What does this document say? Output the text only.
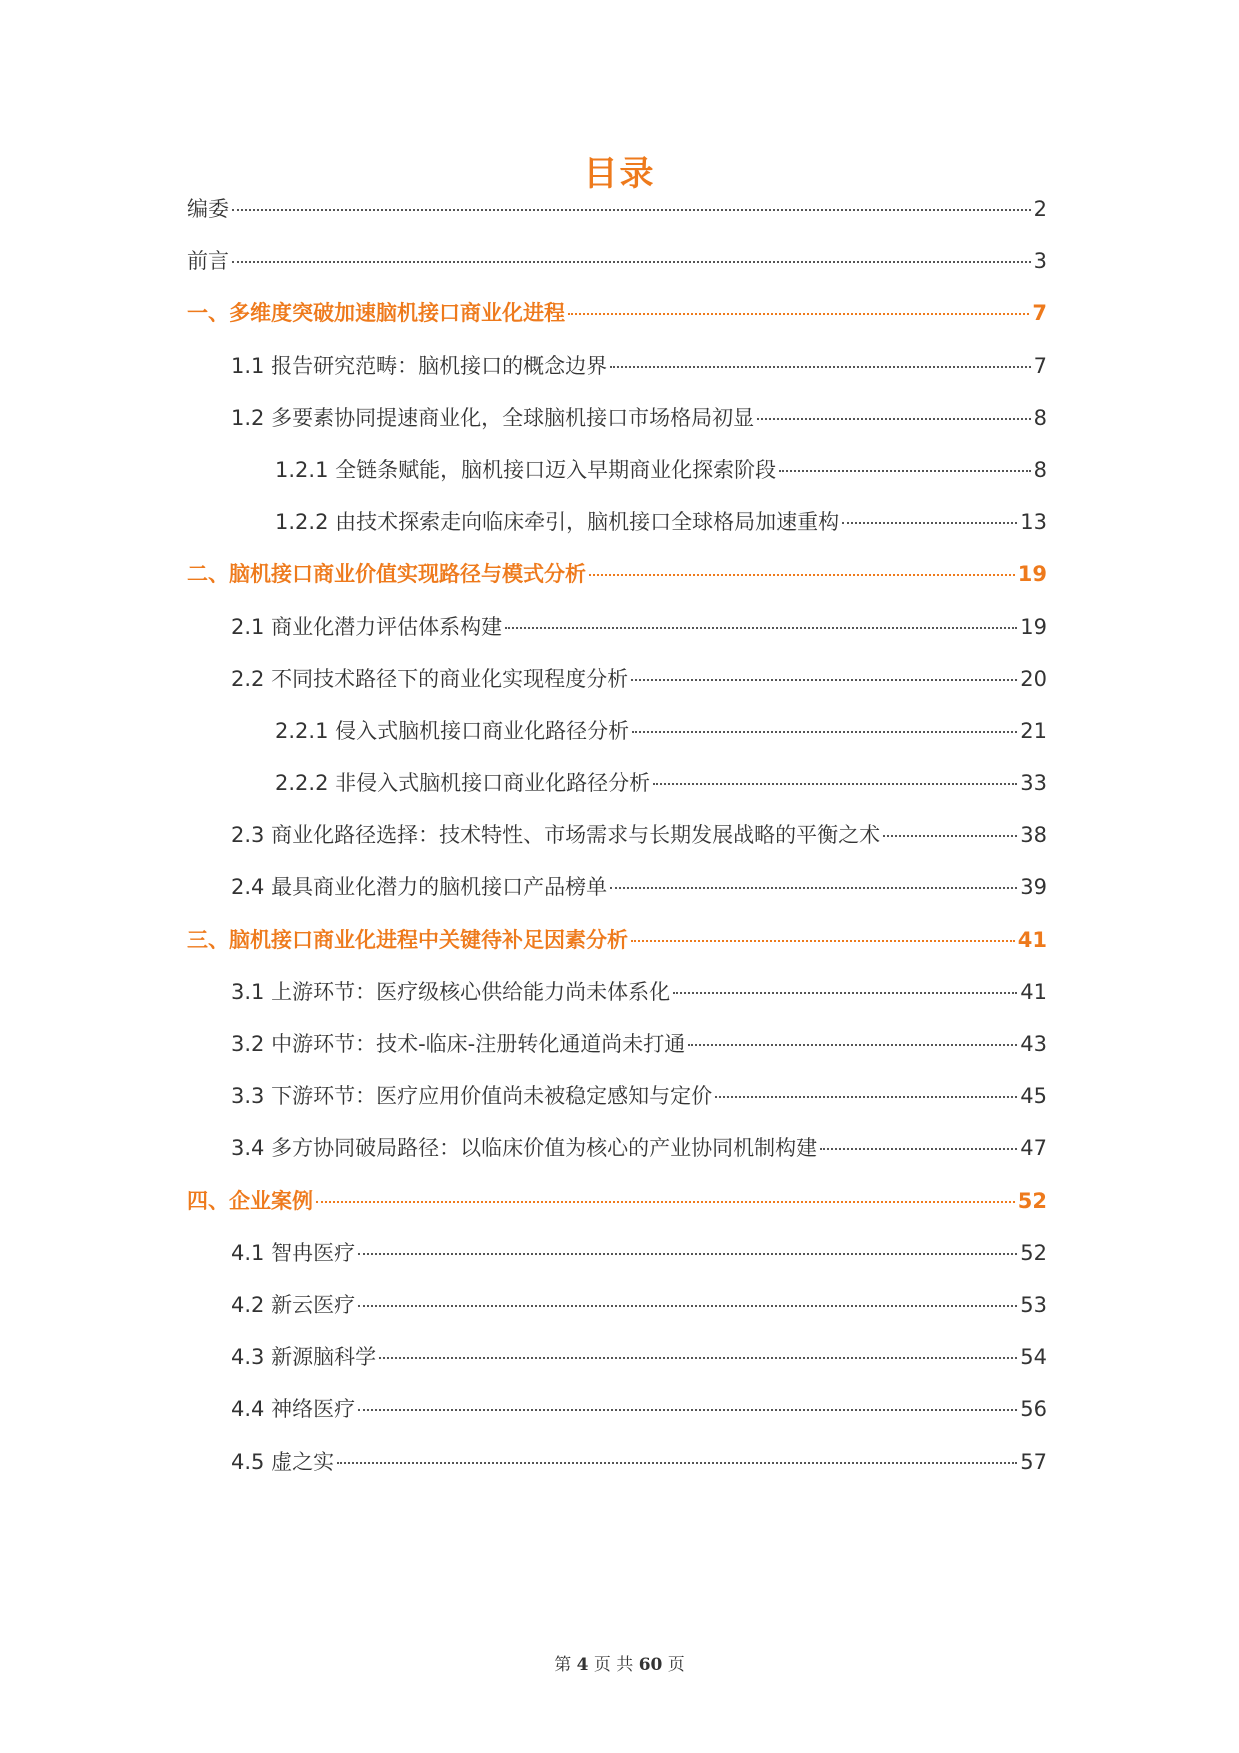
目录
编委	2
前言	3
一、多维度突破加速脑机接口商业化进程	7
1.1 报告研究范畴：脑机接口的概念边界	7
1.2 多要素协同提速商业化，全球脑机接口市场格局初显	8
1.2.1 全链条赋能，脑机接口迈入早期商业化探索阶段	8
1.2.2 由技术探索走向临床牵引，脑机接口全球格局加速重构	13
二、脑机接口商业价值实现路径与模式分析	19
2.1 商业化潜力评估体系构建	19
2.2 不同技术路径下的商业化实现程度分析	20
2.2.1 侵入式脑机接口商业化路径分析	21
2.2.2 非侵入式脑机接口商业化路径分析	33
2.3 商业化路径选择：技术特性、市场需求与长期发展战略的平衡之术	38
2.4 最具商业化潜力的脑机接口产品榜单	39
三、脑机接口商业化进程中关键待补足因素分析	41
3.1 上游环节：医疗级核心供给能力尚未体系化	41
3.2 中游环节：技术-临床-注册转化通道尚未打通	43
3.3 下游环节：医疗应用价值尚未被稳定感知与定价	45
3.4 多方协同破局路径：以临床价值为核心的产业协同机制构建	47
四、企业案例	52
4.1 智冉医疗	52
4.2 新云医疗	53
4.3 新源脑科学	54
4.4 神络医疗	56
4.5 虚之实	57
第 4 页 共 60 页
